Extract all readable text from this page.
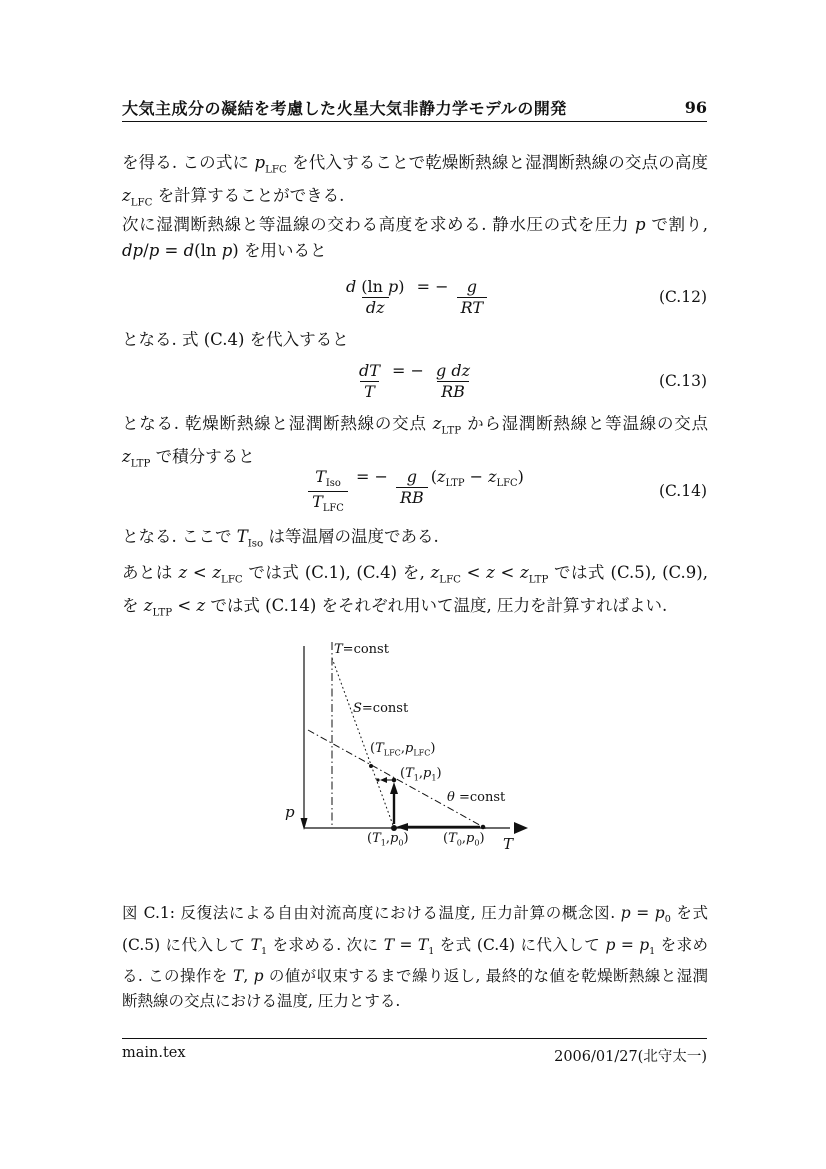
大気主成分の凝結を考慮した火星大気非静力学モデルの開発	96
を得る. この式に $p_{LFC}$ を代入することで乾燥断熱線と湿潤断熱線の交点の高度 $z_{LFC}$ を計算することができる.
次に湿潤断熱線と等温線の交わる高度を求める. 静水圧の式を圧力 p で割り, dp/p = d(ln p) を用いると
$\frac{\text{d (ln p)}}{dz}$ = − $\frac{g}{RT}$	(C.12)
となる. 式 (C.4) を代入すると
$\frac{dT}{T}$ = − $\frac{\text{g dz}}{RB}$	(C.13)
となる. 乾燥断熱線と湿潤断熱線の交点 $z_{LTP}$ から湿潤断熱線と等温線の交点 $z_{LTP}$ で積分すると
$\frac{T_{Iso}}{T_{LFC}}$ = − $\frac{g}{RB} (z_{LTP} - z_{LFC})$
(C.14)
となる. ここで $T_{Iso}$ は等温層の温度である.
あとは $z < z_{LFC}$ では式 (C.1), (C.4) を, $z_{LFC} < z < z_{LTP}$ では式 (C.5), (C.9), を $z_{LTP} < z$ では式 (C.14) をそれぞれ用いて温度, 圧力を計算すればよい.
T=const
S=const
θ =const
$(T_{LFC},p_{LFC})$
$(T_1,p_1)$
$(T_1,p_0)$	$(T_0,p_0)$
p
T
図 C.1: 反復法による自由対流高度における温度, 圧力計算の概念図. $p = p_0$ を式 (C.5) に代入して $T_1$ を求める. 次に $T = T_1$ を式 (C.4) に代入して $p = p_1$ を求める. この操作を T, p の値が収束するまで繰り返し, 最終的な値を乾燥断熱線と湿潤断熱線の交点における温度, 圧力とする.
main.tex	2006/01/27(北守太一)
